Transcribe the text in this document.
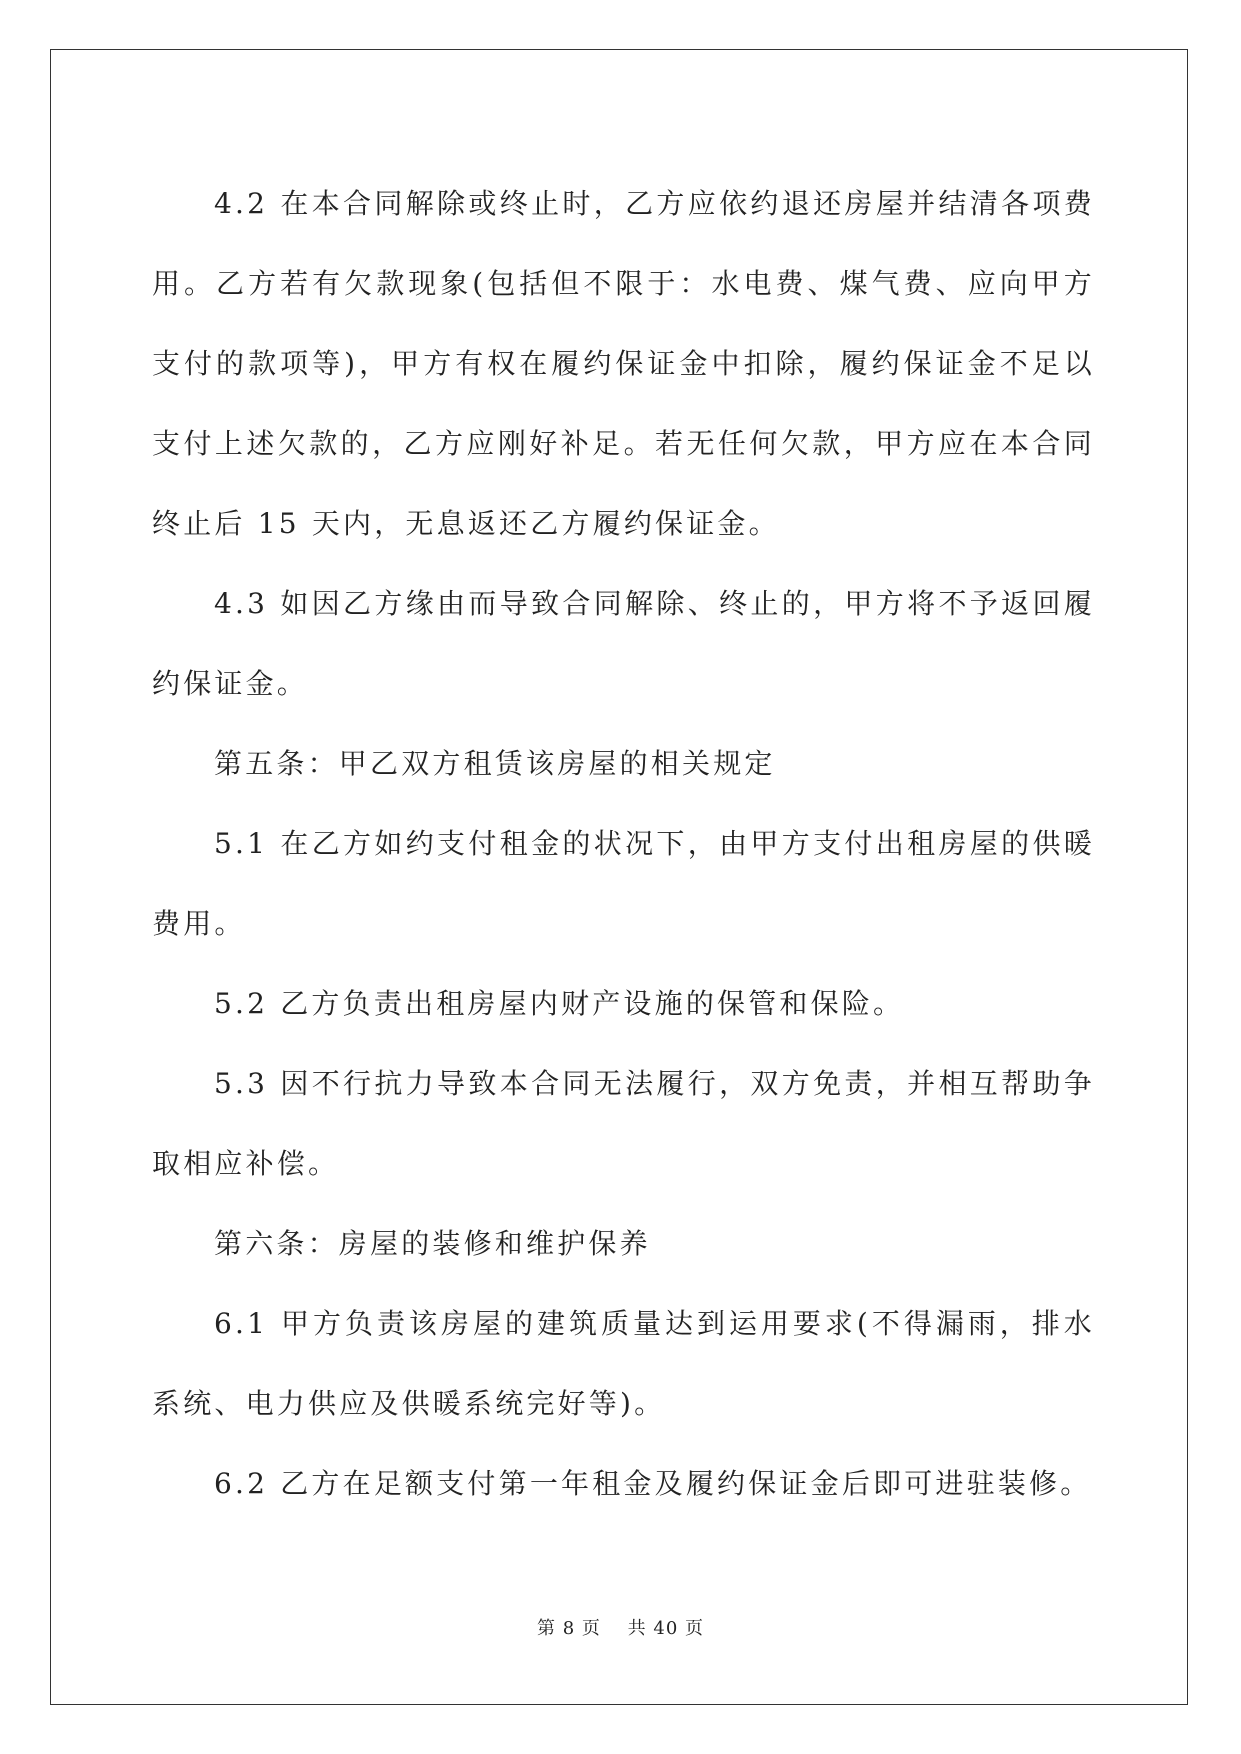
4.2 在本合同解除或终止时，乙方应依约退还房屋并结清各项费用。乙方若有欠款现象(包括但不限于：水电费、煤气费、应向甲方支付的款项等)，甲方有权在履约保证金中扣除，履约保证金不足以支付上述欠款的，乙方应刚好补足。若无任何欠款，甲方应在本合同终止后 15 天内，无息返还乙方履约保证金。

4.3 如因乙方缘由而导致合同解除、终止的，甲方将不予返回履约保证金。

第五条：甲乙双方租赁该房屋的相关规定

5.1 在乙方如约支付租金的状况下，由甲方支付出租房屋的供暖费用。

5.2 乙方负责出租房屋内财产设施的保管和保险。

5.3 因不行抗力导致本合同无法履行，双方免责，并相互帮助争取相应补偿。

第六条：房屋的装修和维护保养

6.1 甲方负责该房屋的建筑质量达到运用要求(不得漏雨，排水系统、电力供应及供暖系统完好等)。

6.2 乙方在足额支付第一年租金及履约保证金后即可进驻装修。

第 8 页 共 40 页
